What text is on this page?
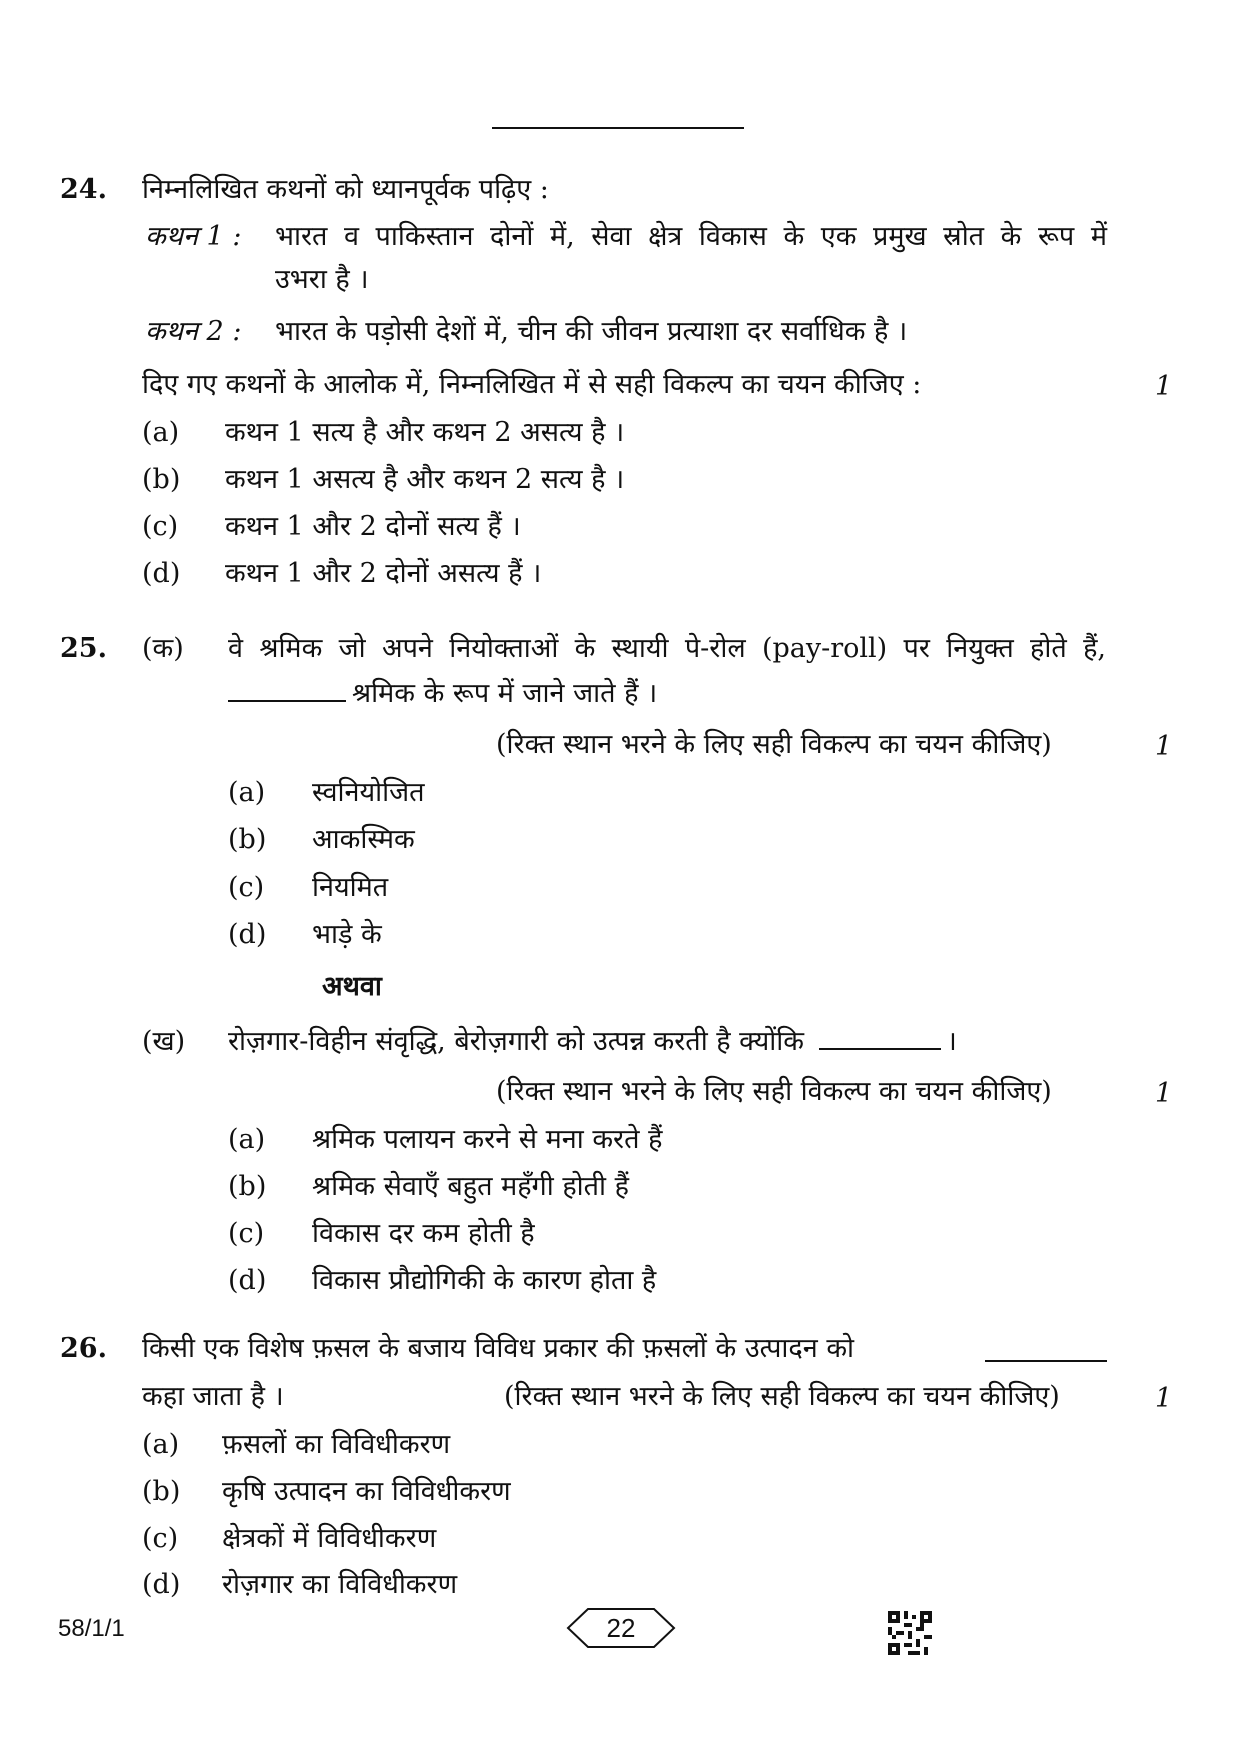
24. निम्नलिखित कथनों को ध्यानपूर्वक पढ़िए :
कथन 1 : भारत व पाकिस्तान दोनों में, सेवा क्षेत्र विकास के एक प्रमुख स्रोत के रूप में
उभरा है ।
कथन 2 : भारत के पड़ोसी देशों में, चीन की जीवन प्रत्याशा दर सर्वाधिक है ।
दिए गए कथनों के आलोक में, निम्नलिखित में से सही विकल्प का चयन कीजिए :	1
(a) कथन 1 सत्य है और कथन 2 असत्य है ।
(b) कथन 1 असत्य है और कथन 2 सत्य है ।
(c) कथन 1 और 2 दोनों सत्य हैं ।
(d) कथन 1 और 2 दोनों असत्य हैं ।
25. (क) वे श्रमिक जो अपने नियोक्ताओं के स्थायी पे-रोल (pay-roll) पर नियुक्त होते हैं,
श्रमिक के रूप में जाने जाते हैं ।
(रिक्त स्थान भरने के लिए सही विकल्प का चयन कीजिए)	1
(a) स्वनियोजित
(b) आकस्मिक
(c) नियमित
(d) भाड़े के
अथवा
(ख) रोज़गार-विहीन संवृद्धि, बेरोज़गारी को उत्पन्न करती है क्योंकि	।
(रिक्त स्थान भरने के लिए सही विकल्प का चयन कीजिए)	1
(a) श्रमिक पलायन करने से मना करते हैं
(b) श्रमिक सेवाएँ बहुत महँगी होती हैं
(c) विकास दर कम होती है
(d) विकास प्रौद्योगिकी के कारण होता है
26. किसी एक विशेष फ़सल के बजाय विविध प्रकार की फ़सलों के उत्पादन को
कहा जाता है ।	(रिक्त स्थान भरने के लिए सही विकल्प का चयन कीजिए)	1
(a) फ़सलों का विविधीकरण
(b) कृषि उत्पादन का विविधीकरण
(c) क्षेत्रकों में विविधीकरण
(d) रोज़गार का विविधीकरण
58/1/1	22
